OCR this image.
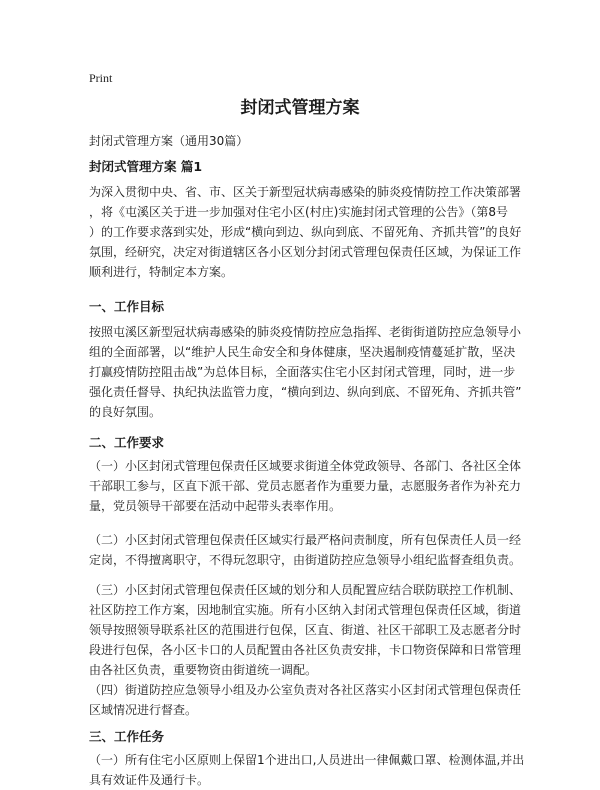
Print
封闭式管理方案
封闭式管理方案（通用30篇）
封闭式管理方案 篇1
为深入贯彻中央、省、市、区关于新型冠状病毒感染的肺炎疫情防控工作决策部署
，将《屯溪区关于进一步加强对住宅小区(村庄)实施封闭式管理的公告》（第8号
）的工作要求落到实处，形成“横向到边、纵向到底、不留死角、齐抓共管”的良好
氛围，经研究，决定对街道辖区各小区划分封闭式管理包保责任区域，为保证工作
顺利进行，特制定本方案。
一、工作目标
按照屯溪区新型冠状病毒感染的肺炎疫情防控应急指挥、老街街道防控应急领导小
组的全面部署，以“维护人民生命安全和身体健康，坚决遏制疫情蔓延扩散，坚决
打赢疫情防控阻击战”为总体目标，全面落实住宅小区封闭式管理，同时，进一步
强化责任督导、执纪执法监管力度，“横向到边、纵向到底、不留死角、齐抓共管”
的良好氛围。
二、工作要求
（一）小区封闭式管理包保责任区域要求街道全体党政领导、各部门、各社区全体
干部职工参与，区直下派干部、党员志愿者作为重要力量，志愿服务者作为补充力
量，党员领导干部要在活动中起带头表率作用。
（二）小区封闭式管理包保责任区域实行最严格问责制度，所有包保责任人员一经
定岗，不得擅离职守，不得玩忽职守，由街道防控应急领导小组纪监督查组负责。
（三）小区封闭式管理包保责任区域的划分和人员配置应结合联防联控工作机制、
社区防控工作方案，因地制宜实施。所有小区纳入封闭式管理包保责任区域，街道
领导按照领导联系社区的范围进行包保，区直、街道、社区干部职工及志愿者分时
段进行包保，各小区卡口的人员配置由各社区负责安排，卡口物资保障和日常管理
由各社区负责，重要物资由街道统一调配。
（四）街道防控应急领导小组及办公室负责对各社区落实小区封闭式管理包保责任
区域情况进行督查。
三、工作任务
（一）所有住宅小区原则上保留1个进出口,人员进出一律佩戴口罩、检测体温,并出
具有效证件及通行卡。
